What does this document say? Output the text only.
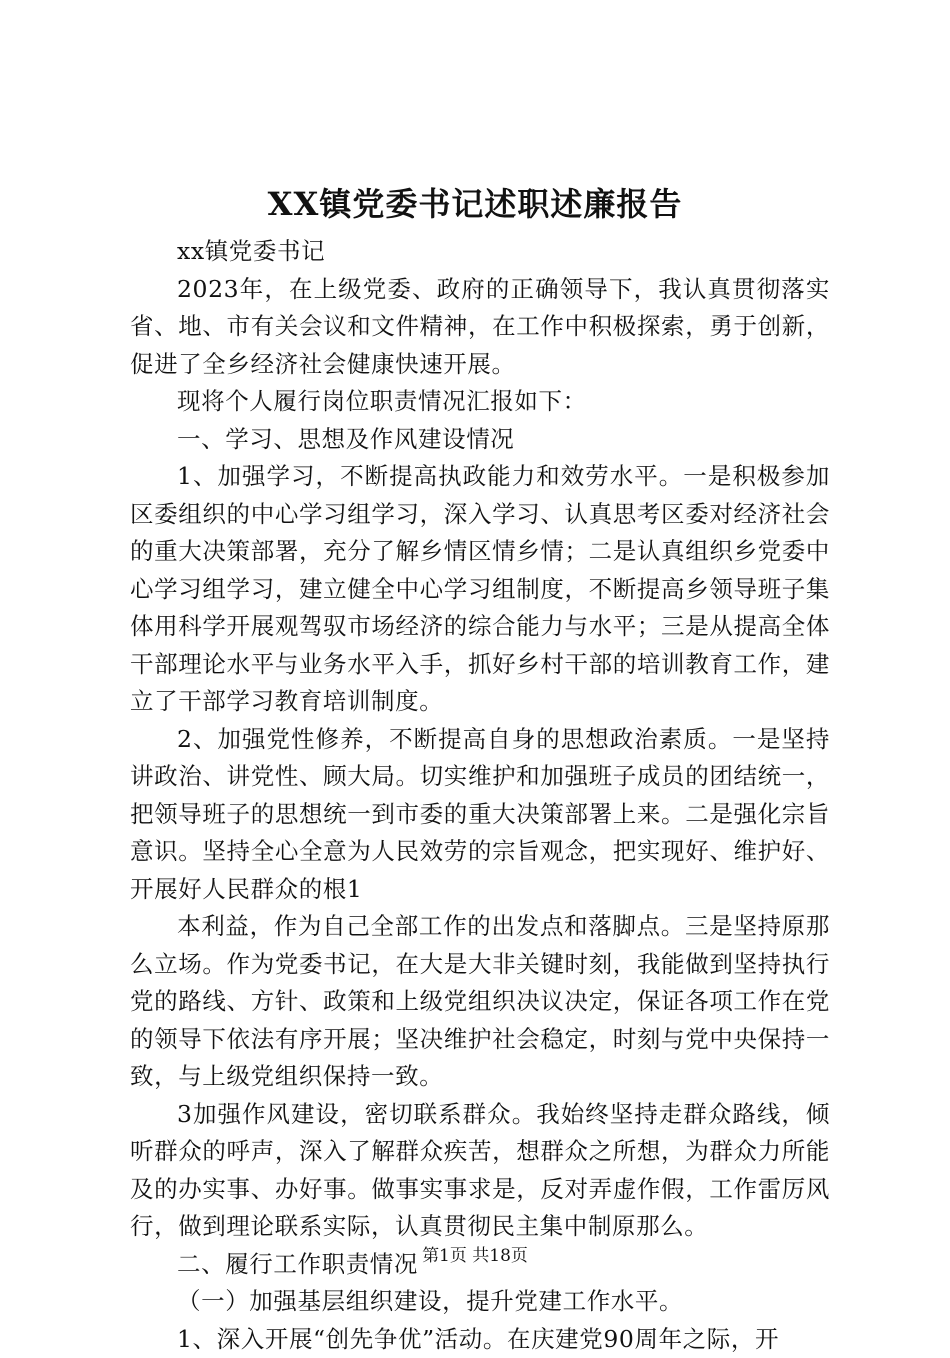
XX镇党委书记述职述廉报告

xx镇党委书记

2023年，在上级党委、政府的正确领导下，我认真贯彻落实省、地、市有关会议和文件精神，在工作中积极探索，勇于创新，促进了全乡经济社会健康快速开展。

现将个人履行岗位职责情况汇报如下：

一、学习、思想及作风建设情况

1、加强学习，不断提高执政能力和效劳水平。一是积极参加区委组织的中心学习组学习，深入学习、认真思考区委对经济社会的重大决策部署，充分了解乡情区情乡情；二是认真组织乡党委中心学习组学习，建立健全中心学习组制度，不断提高乡领导班子集体用科学开展观驾驭市场经济的综合能力与水平；三是从提高全体干部理论水平与业务水平入手，抓好乡村干部的培训教育工作，建立了干部学习教育培训制度。

2、加强党性修养，不断提高自身的思想政治素质。一是坚持讲政治、讲党性、顾大局。切实维护和加强班子成员的团结统一，把领导班子的思想统一到市委的重大决策部署上来。二是强化宗旨意识。坚持全心全意为人民效劳的宗旨观念，把实现好、维护好、开展好人民群众的根1

本利益，作为自己全部工作的出发点和落脚点。三是坚持原那么立场。作为党委书记，在大是大非关键时刻，我能做到坚持执行党的路线、方针、政策和上级党组织决议决定，保证各项工作在党的领导下依法有序开展；坚决维护社会稳定，时刻与党中央保持一致，与上级党组织保持一致。

3加强作风建设，密切联系群众。我始终坚持走群众路线，倾听群众的呼声，深入了解群众疾苦，想群众之所想，为群众力所能及的办实事、办好事。做事实事求是，反对弄虚作假，工作雷厉风行，做到理论联系实际，认真贯彻民主集中制原那么。

二、履行工作职责情况

（一）加强基层组织建设，提升党建工作水平。

1、深入开展“创先争优”活动。在庆建党90周年之际，开

第1页 共18页
